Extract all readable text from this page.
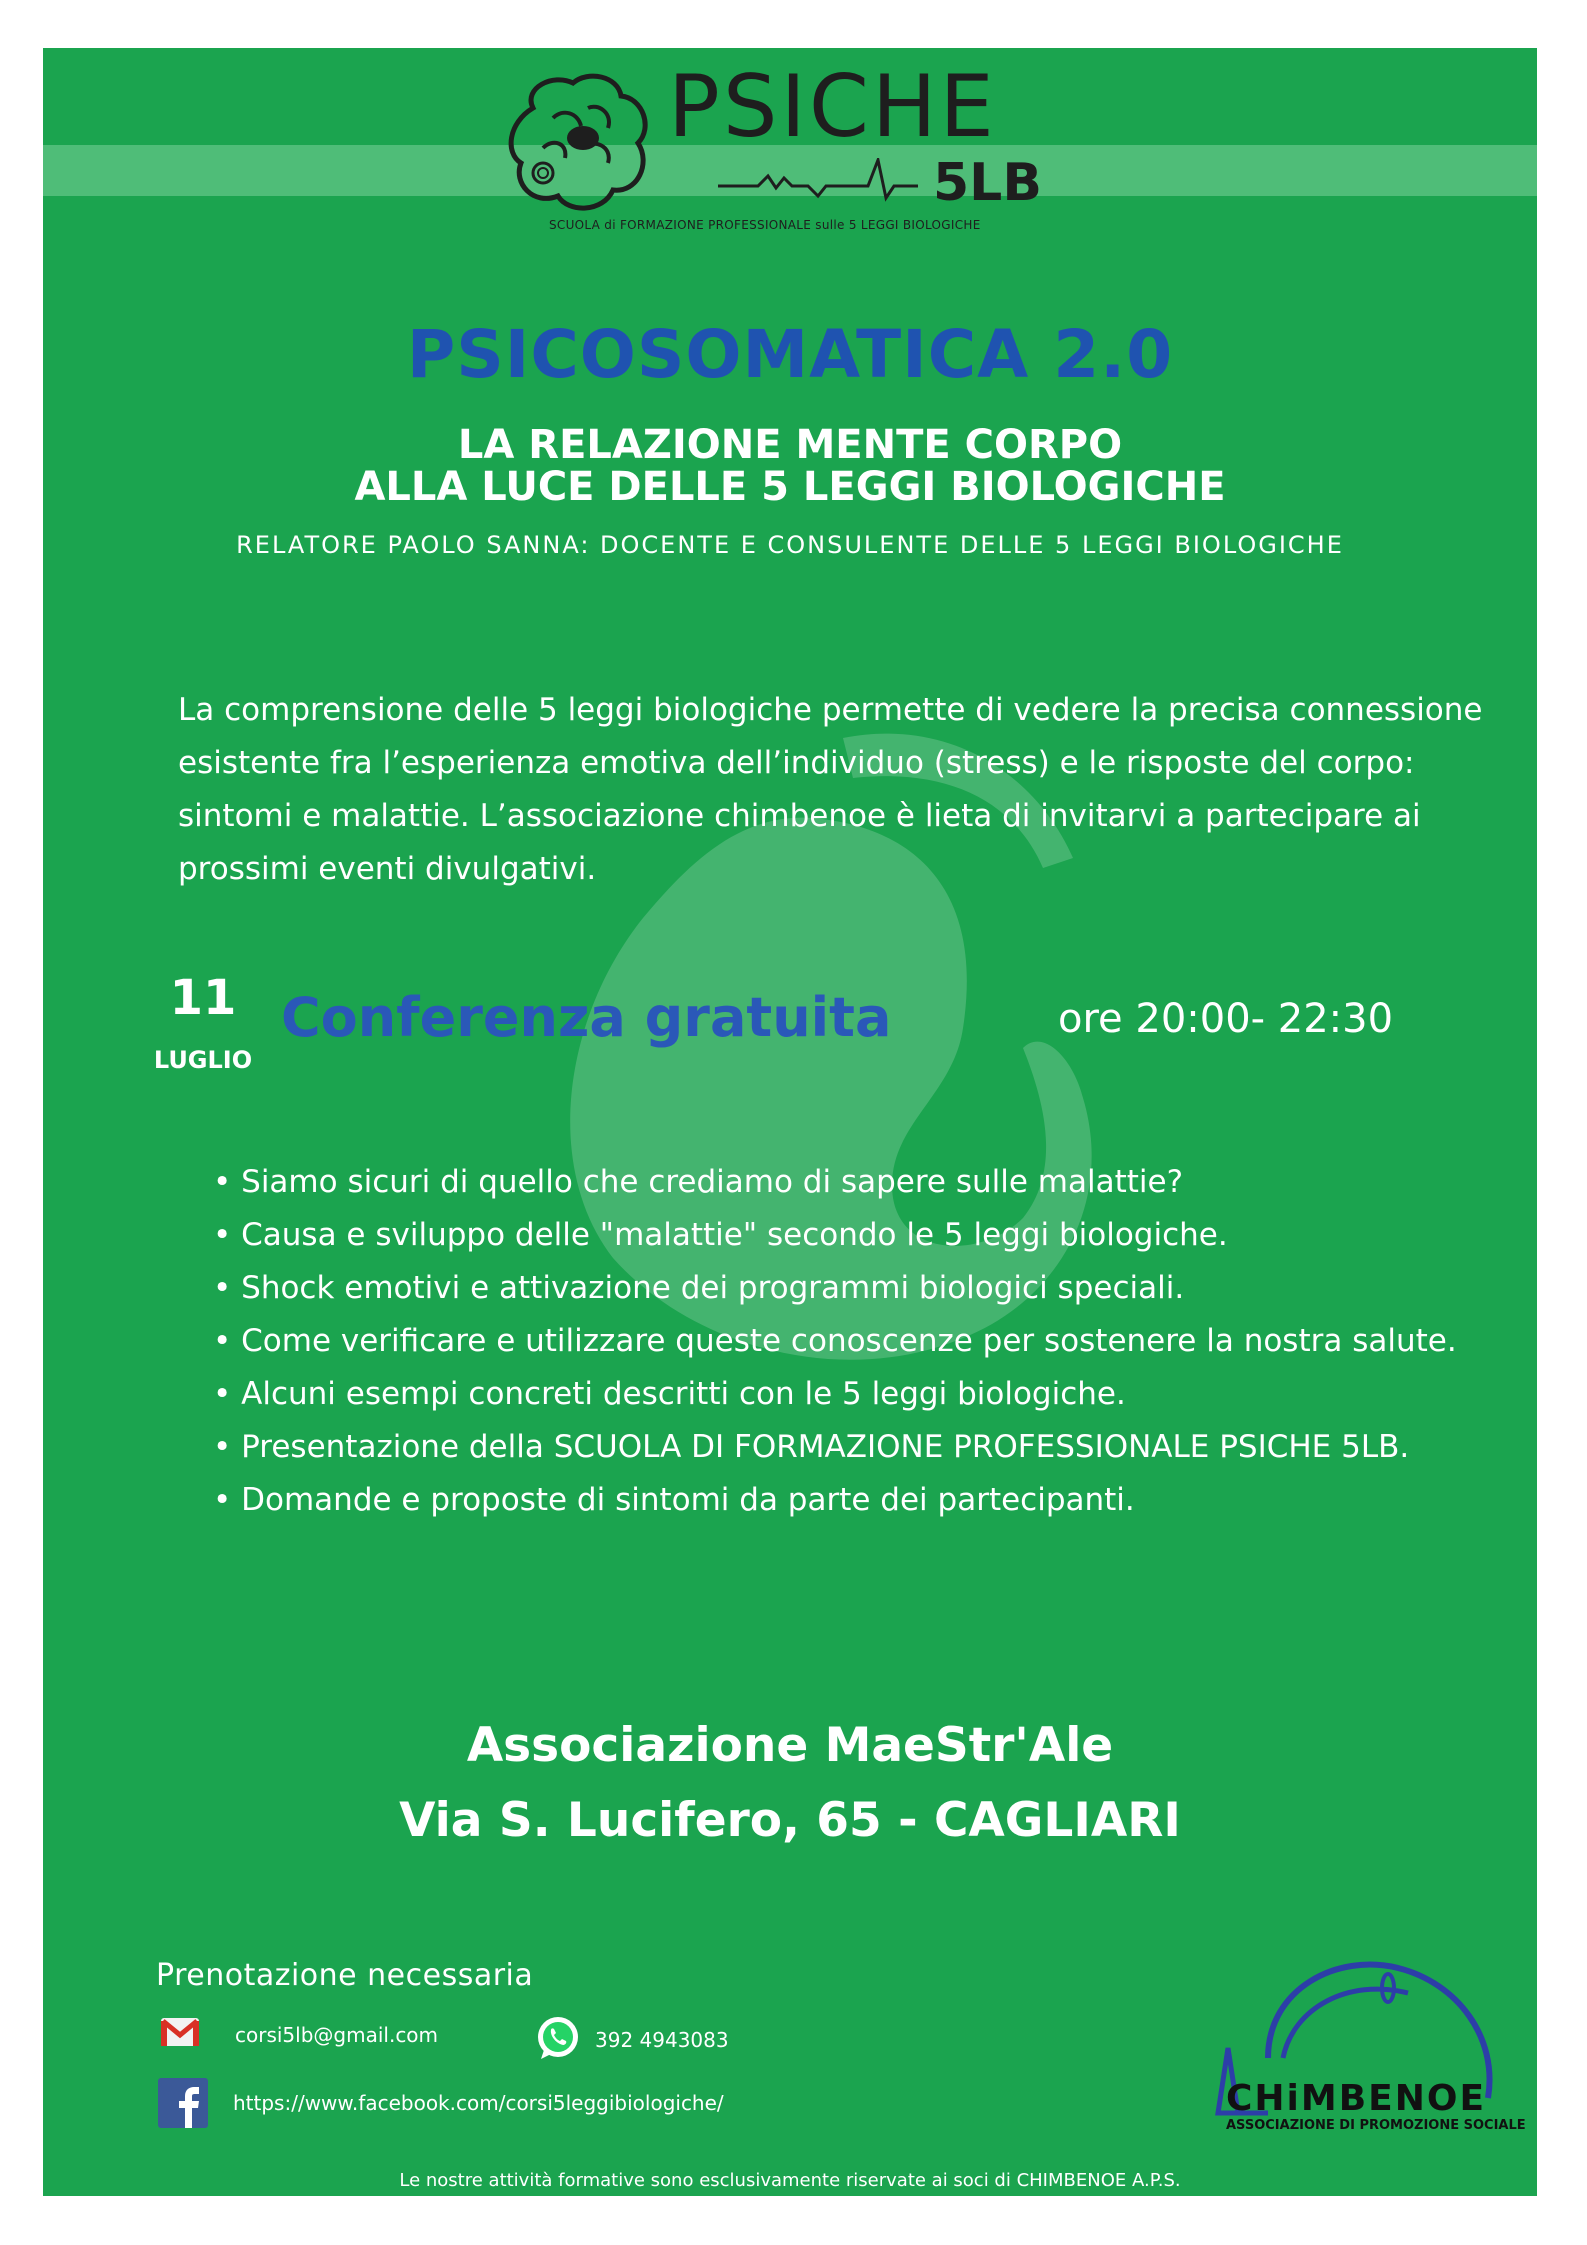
PSICHE
5LB
SCUOLA di FORMAZIONE PROFESSIONALE sulle 5 LEGGI BIOLOGICHE
PSICOSOMATICA 2.0
LA RELAZIONE MENTE CORPO
ALLA LUCE DELLE 5 LEGGI BIOLOGICHE
RELATORE PAOLO SANNA: DOCENTE E CONSULENTE DELLE 5 LEGGI BIOLOGICHE
La comprensione delle 5 leggi biologiche permette di vedere la precisa connessione esistente fra l’esperienza emotiva dell’individuo (stress) e le risposte del corpo: sintomi e malattie. L’associazione chimbenoe è lieta di invitarvi a partecipare ai prossimi eventi divulgativi.
11
LUGLIO
Conferenza gratuita	ore 20:00- 22:30
• Siamo sicuri di quello che crediamo di sapere sulle malattie?
• Causa e sviluppo delle "malattie" secondo le 5 leggi biologiche.
• Shock emotivi e attivazione dei programmi biologici speciali.
• Come verificare e utilizzare queste conoscenze per sostenere la nostra salute.
• Alcuni esempi concreti descritti con le 5 leggi biologiche.
• Presentazione della SCUOLA DI FORMAZIONE PROFESSIONALE PSICHE 5LB.
• Domande e proposte di sintomi da parte dei partecipanti.
Associazione MaeStr'Ale
Via S. Lucifero, 65 - CAGLIARI
Prenotazione necessaria
corsi5lb@gmail.com	392 4943083
https://www.facebook.com/corsi5leggibiologiche/	CHiMBENOE
ASSOCIAZIONE DI PROMOZIONE SOCIALE
Le nostre attività formative sono esclusivamente riservate ai soci di CHIMBENOE A.P.S.
